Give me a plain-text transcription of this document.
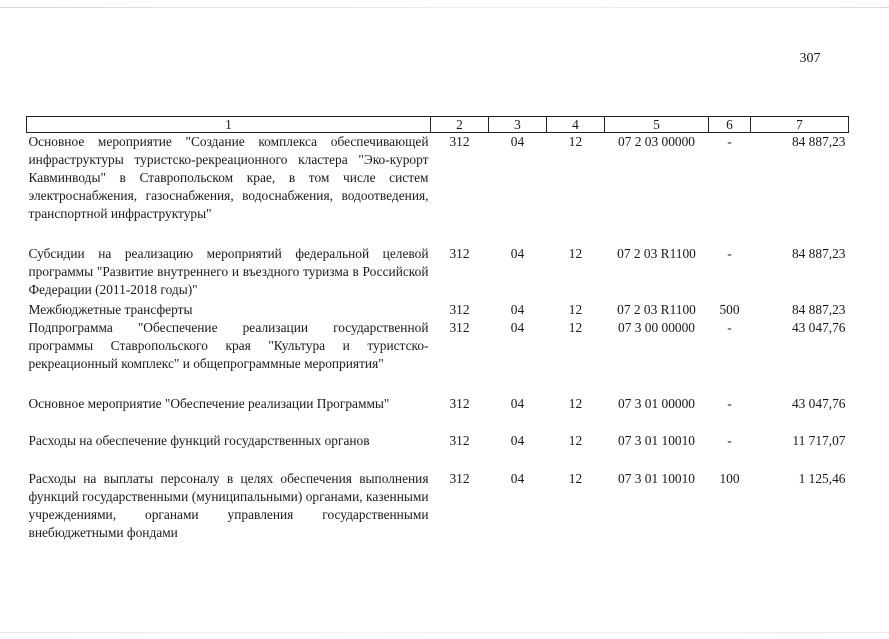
307
1	2	3	4	5	6	7
Основное мероприятие "Создание комплекса обеспечивающей инфраструктуры туристско-рекреационного кластера "Эко-курорт Кавминводы" в Ставропольском крае, в том числе систем электроснабжения, газоснабжения, водоснабжения, водоотведения, транспортной инфраструктуры"	312	04	12	07 2 03 00000	-	84 887,23
Субсидии на реализацию мероприятий федеральной целевой программы "Развитие внутреннего и въездного туризма в Российской Федерации (2011-2018 годы)"	312	04	12	07 2 03 R1100	-	84 887,23
Межбюджетные трансферты	312	04	12	07 2 03 R1100	500	84 887,23
Подпрограмма "Обеспечение реализации государственной программы Ставропольского края "Культура и туристско-рекреационный комплекс" и общепрограммные мероприятия"	312	04	12	07 3 00 00000	-	43 047,76
Основное мероприятие "Обеспечение реализации Программы"	312	04	12	07 3 01 00000	-	43 047,76
Расходы на обеспечение функций государственных органов	312	04	12	07 3 01 10010	-	11 717,07
Расходы на выплаты персоналу в целях обеспечения выполнения функций государственными (муниципальными) органами, казенными учреждениями, органами управления государственными внебюджетными фондами	312	04	12	07 3 01 10010	100	1 125,46
